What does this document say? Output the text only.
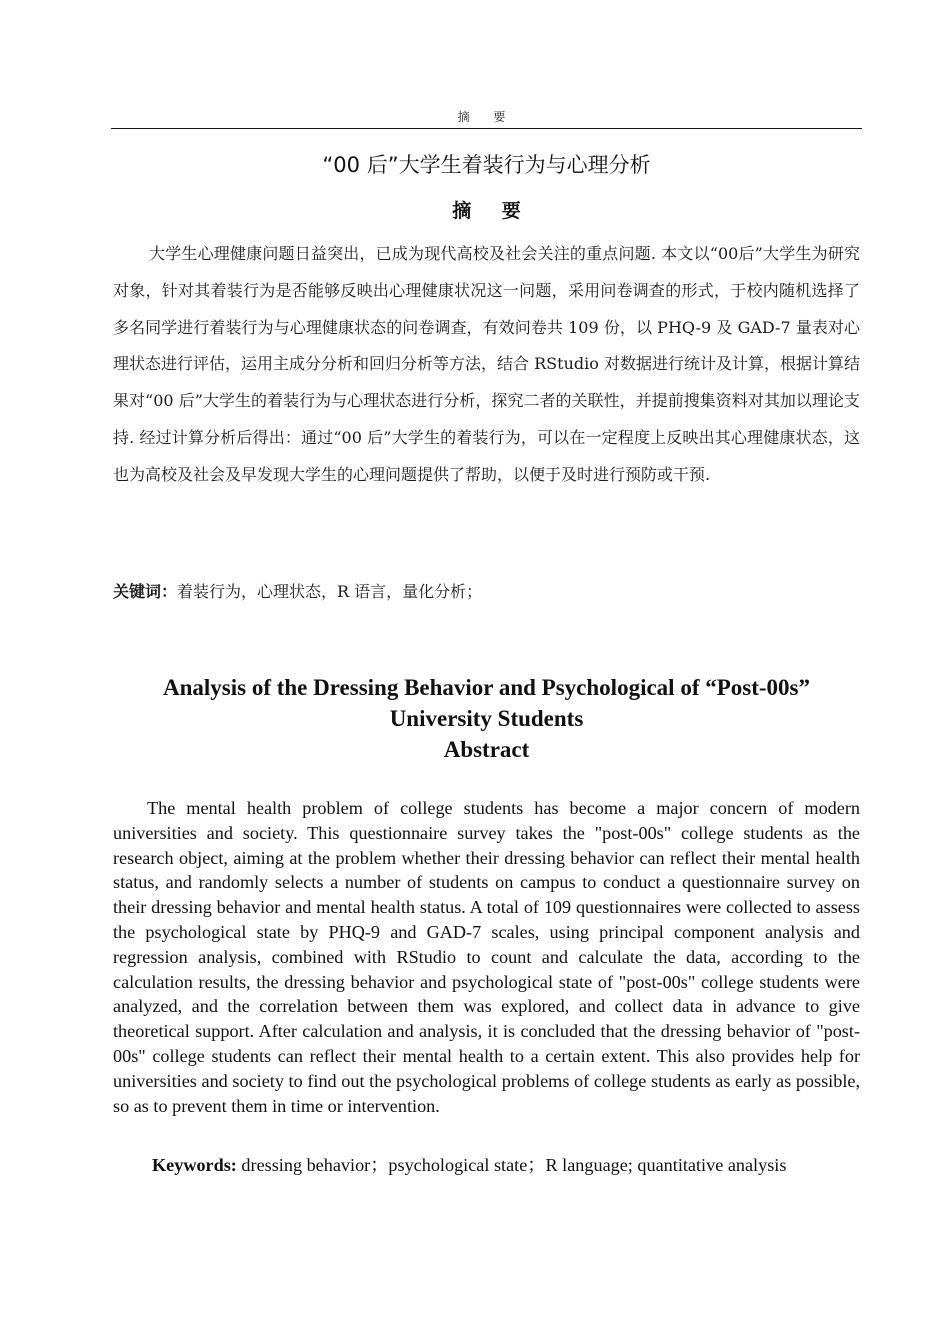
摘 要
“00 后”大学生着装行为与心理分析
摘 要

大学生心理健康问题日益突出，已成为现代高校及社会关注的重点问题. 本文以“00后”大学生为研究对象，针对其着装行为是否能够反映出心理健康状况这一问题，采用问卷调查的形式，于校内随机选择了多名同学进行着装行为与心理健康状态的问卷调查，有效问卷共 109 份，以 PHQ-9 及 GAD-7 量表对心理状态进行评估，运用主成分分析和回归分析等方法，结合 RStudio 对数据进行统计及计算，根据计算结果对“00 后”大学生的着装行为与心理状态进行分析，探究二者的关联性，并提前搜集资料对其加以理论支持. 经过计算分析后得出：通过“00 后”大学生的着装行为，可以在一定程度上反映出其心理健康状态，这也为高校及社会及早发现大学生的心理问题提供了帮助，以便于及时进行预防或干预.

关键词：着装行为，心理状态，R 语言，量化分析；
Analysis of the Dressing Behavior and Psychological of “Post-00s” University Students
Abstract

The mental health problem of college students has become a major concern of modern universities and society. This questionnaire survey takes the "post-00s" college students as the research object, aiming at the problem whether their dressing behavior can reflect their mental health status, and randomly selects a number of students on campus to conduct a questionnaire survey on their dressing behavior and mental health status. A total of 109 questionnaires were collected to assess the psychological state by PHQ-9 and GAD-7 scales, using principal component analysis and regression analysis, combined with RStudio to count and calculate the data, according to the calculation results, the dressing behavior and psychological state of "post-00s" college students were analyzed, and the correlation between them was explored, and collect data in advance to give theoretical support. After calculation and analysis, it is concluded that the dressing behavior of "post-00s" college students can reflect their mental health to a certain extent. This also provides help for universities and society to find out the psychological problems of college students as early as possible, so as to prevent them in time or intervention.

Keywords: dressing behavior；psychological state；R language; quantitative analysis
